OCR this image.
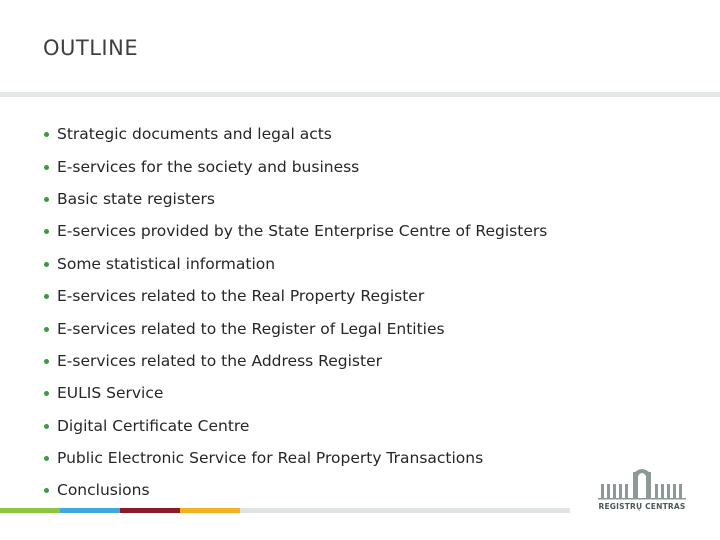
OUTLINE
Strategic documents and legal acts
E-services for the society and business
Basic state registers
E-services provided by the State Enterprise Centre of Registers
Some statistical information
E-services related to the Real Property Register
E-services related to the Register of Legal Entities
E-services related to the Address Register
EULIS Service
Digital Certificate Centre
Public Electronic Service for Real Property Transactions
Conclusions
REGISTRŲ CENTRAS
